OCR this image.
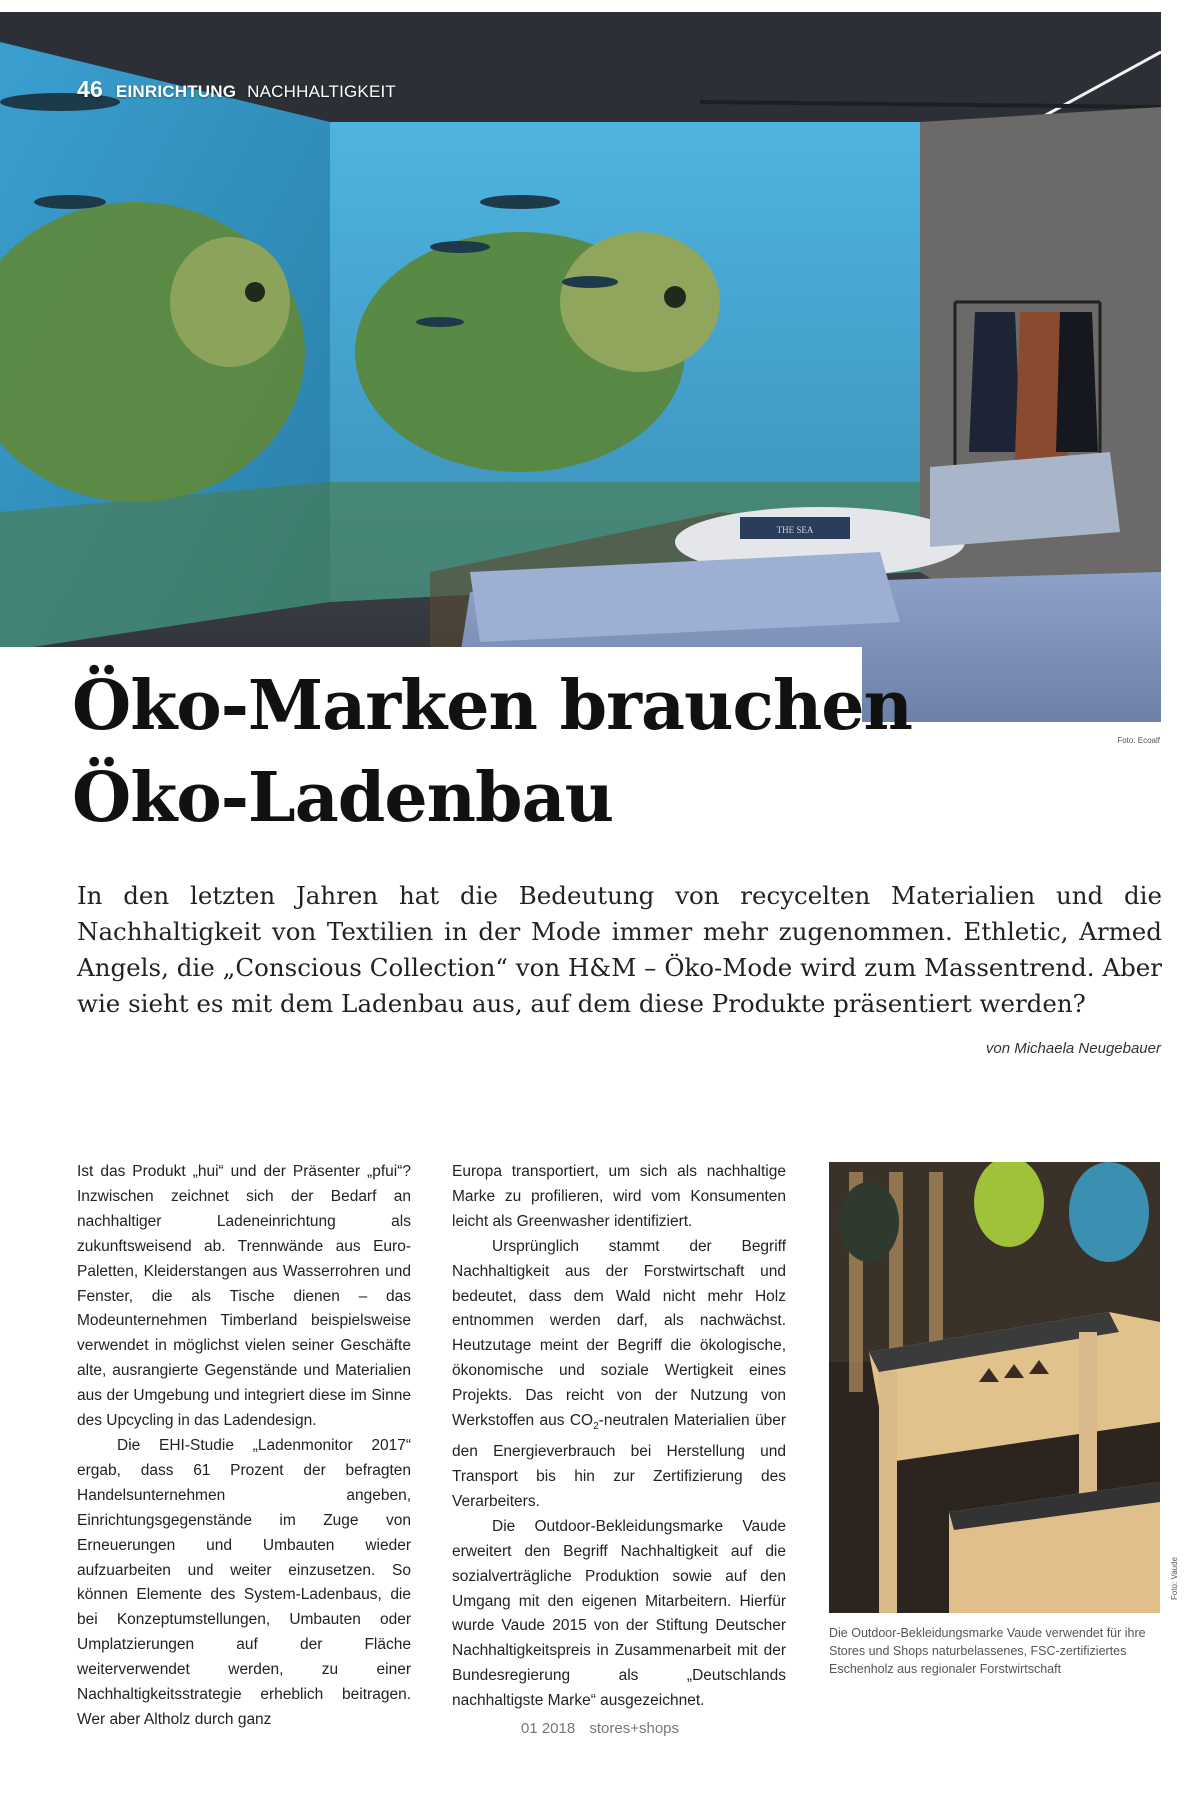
THE SEA
46 EINRICHTUNG NACHHALTIGKEIT
Öko-Marken brauchen
Öko-Ladenbau
Foto: Ecoalf

In den letzten Jahren hat die Bedeutung von recycelten Materialien und die Nachhaltigkeit von Textilien in der Mode immer mehr zugenommen. Ethletic, Armed Angels, die „Conscious Collection“ von H&M – Öko-Mode wird zum Massentrend. Aber wie sieht es mit dem Ladenbau aus, auf dem diese Produkte präsentiert werden?

von Michaela Neugebauer

Ist das Produkt „hui“ und der Präsenter „pfui“? Inzwischen zeichnet sich der Bedarf an nachhaltiger Ladeneinrichtung als zukunftsweisend ab. Trennwände aus Euro-Paletten, Kleiderstangen aus Wasserrohren und Fenster, die als Tische dienen – das Modeunternehmen Timberland beispielsweise verwendet in möglichst vielen seiner Geschäfte alte, ausrangierte Gegenstände und Materialien aus der Umgebung und integriert diese im Sinne des Upcycling in das Ladendesign.

Die EHI-Studie „Ladenmonitor 2017“ ergab, dass 61 Prozent der befragten Handelsunternehmen angeben, Einrichtungsgegenstände im Zuge von Erneuerungen und Umbauten wieder aufzuarbeiten und weiter einzusetzen. So können Elemente des System-Ladenbaus, die bei Konzeptumstellungen, Umbauten oder Umplatzierungen auf der Fläche weiterverwendet werden, zu einer Nachhaltigkeitsstrategie erheblich beitragen. Wer aber Altholz durch ganz

Europa transportiert, um sich als nachhaltige Marke zu profilieren, wird vom Konsumenten leicht als Greenwasher identifiziert.

Ursprünglich stammt der Begriff Nachhaltigkeit aus der Forstwirtschaft und bedeutet, dass dem Wald nicht mehr Holz entnommen werden darf, als nachwächst. Heutzutage meint der Begriff die ökologische, ökonomische und soziale Wertigkeit eines Projekts. Das reicht von der Nutzung von Werkstoffen aus $CO_2$-neutralen Materialien über den Energieverbrauch bei Herstellung und Transport bis hin zur Zertifizierung des Verarbeiters.

Die Outdoor-Bekleidungsmarke Vaude erweitert den Begriff Nachhaltigkeit auf die sozialverträgliche Produktion sowie auf den Umgang mit den eigenen Mitarbeitern. Hierfür wurde Vaude 2015 von der Stiftung Deutscher Nachhaltigkeitspreis in Zusammenarbeit mit der Bundesregierung als „Deutschlands nachhaltigste Marke“ ausgezeichnet.

Foto: Vaude

Die Outdoor-Bekleidungsmarke Vaude verwendet für ihre Stores und Shops naturbelassenes, FSC-zertifiziertes Eschenholz aus regionaler Forstwirtschaft

01 2018 stores+shops
